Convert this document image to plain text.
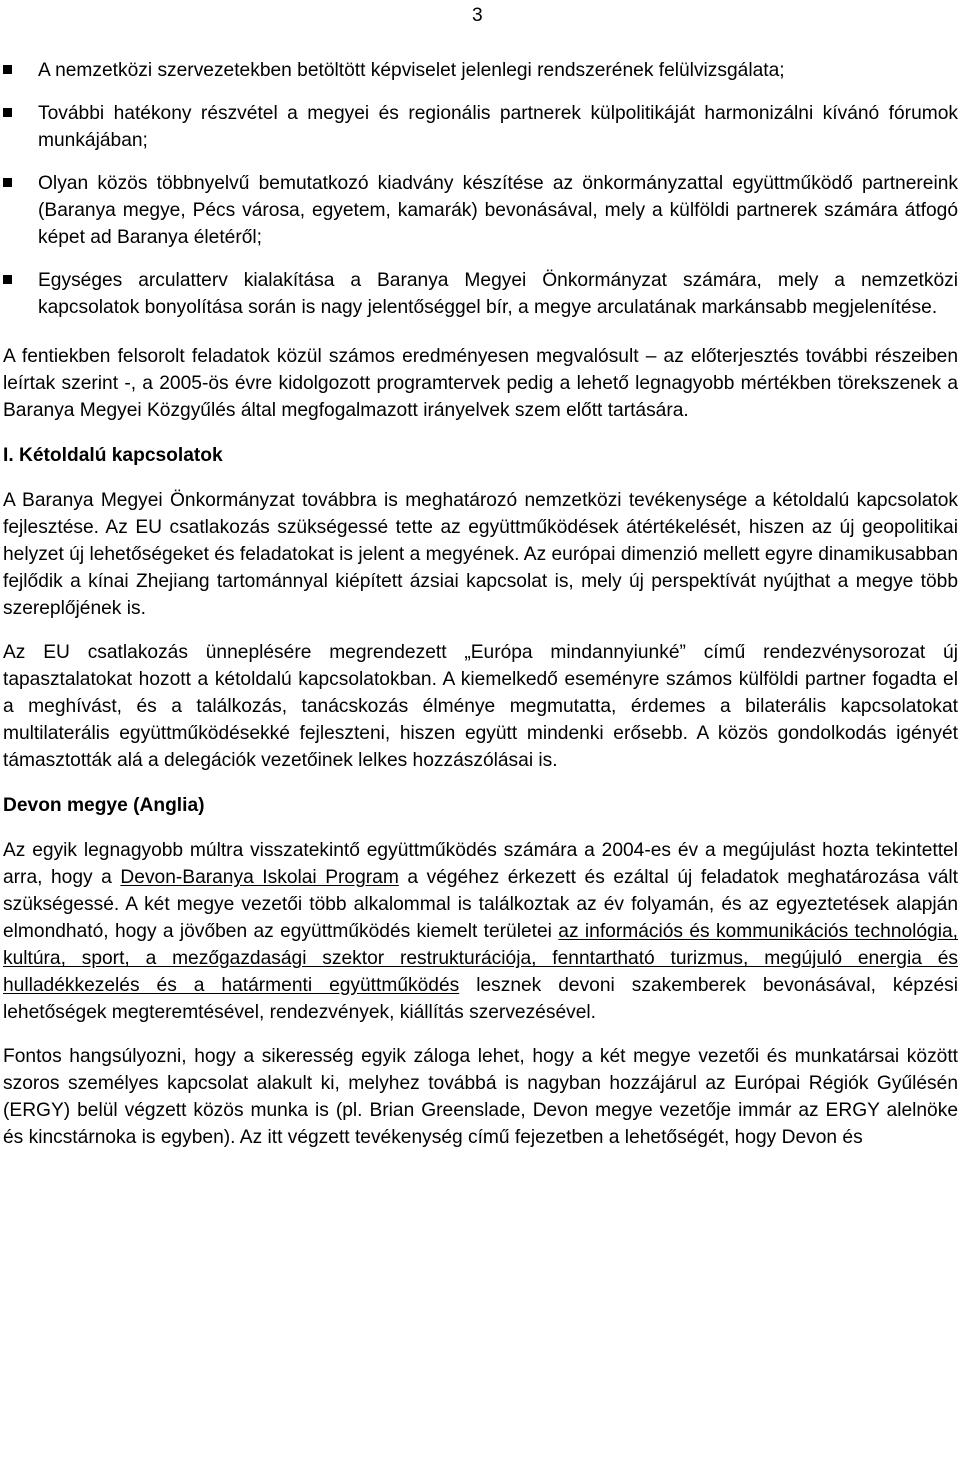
3
A nemzetközi szervezetekben betöltött képviselet jelenlegi rendszerének felülvizsgálata;
További hatékony részvétel a megyei és regionális partnerek külpolitikáját harmonizálni kívánó fórumok munkájában;
Olyan közös többnyelvű bemutatkozó kiadvány készítése az önkormányzattal együttműködő partnereink (Baranya megye, Pécs városa, egyetem, kamarák) bevonásával, mely a külföldi partnerek számára átfogó képet ad Baranya életéről;
Egységes arculatterv kialakítása a Baranya Megyei Önkormányzat számára, mely a nemzetközi kapcsolatok bonyolítása során is nagy jelentőséggel bír, a megye arculatának markánsabb megjelenítése.

A fentiekben felsorolt feladatok közül számos eredményesen megvalósult – az előterjesztés további részeiben leírtak szerint -, a 2005-ös évre kidolgozott programtervek pedig a lehető legnagyobb mértékben törekszenek a Baranya Megyei Közgyűlés által megfogalmazott irányelvek szem előtt tartására.

I. Kétoldalú kapcsolatok

A Baranya Megyei Önkormányzat továbbra is meghatározó nemzetközi tevékenysége a kétoldalú kapcsolatok fejlesztése. Az EU csatlakozás szükségessé tette az együttműködések átértékelését, hiszen az új geopolitikai helyzet új lehetőségeket és feladatokat is jelent a megyének. Az európai dimenzió mellett egyre dinamikusabban fejlődik a kínai Zhejiang tartománnyal kiépített ázsiai kapcsolat is, mely új perspektívát nyújthat a megye több szereplőjének is.

Az EU csatlakozás ünneplésére megrendezett „Európa mindannyiunké” című rendezvénysorozat új tapasztalatokat hozott a kétoldalú kapcsolatokban. A kiemelkedő eseményre számos külföldi partner fogadta el a meghívást, és a találkozás, tanácskozás élménye megmutatta, érdemes a bilaterális kapcsolatokat multilaterális együttműködésekké fejleszteni, hiszen együtt mindenki erősebb. A közös gondolkodás igényét támasztották alá a delegációk vezetőinek lelkes hozzászólásai is.

Devon megye (Anglia)

Az egyik legnagyobb múltra visszatekintő együttműködés számára a 2004-es év a megújulást hozta tekintettel arra, hogy a Devon-Baranya Iskolai Program a végéhez érkezett és ezáltal új feladatok meghatározása vált szükségessé. A két megye vezetői több alkalommal is találkoztak az év folyamán, és az egyeztetések alapján elmondható, hogy a jövőben az együttműködés kiemelt területei az információs és kommunikációs technológia, kultúra, sport, a mezőgazdasági szektor restrukturációja, fenntartható turizmus, megújuló energia és hulladékkezelés és a határmenti együttműködés lesznek devoni szakemberek bevonásával, képzési lehetőségek megteremtésével, rendezvények, kiállítás szervezésével.

Fontos hangsúlyozni, hogy a sikeresség egyik záloga lehet, hogy a két megye vezetői és munkatársai között szoros személyes kapcsolat alakult ki, melyhez továbbá is nagyban hozzájárul az Európai Régiók Gyűlésén (ERGY) belül végzett közös munka is (pl. Brian Greenslade, Devon megye vezetője immár az ERGY alelnöke és kincstárnoka is egyben). Az itt végzett tevékenység című fejezetben a lehetőségét, hogy Devon és
